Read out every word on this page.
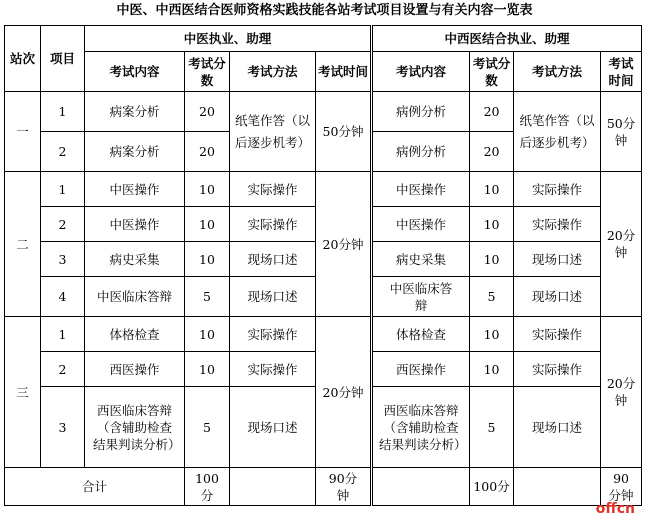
中医、中西医结合医师资格实践技能各站考试项目设置与有关内容一览表
站次	项目	中医执业、助理				中西医结合执业、助理			
		考试内容	考试分数	考试方法	考试时间	考试内容	考试分数	考试方法	考试时间
一	1	病案分析	20	纸笔作答（以后逐步机考）	50分钟	病例分析	20	纸笔作答（以后逐步机考）	50分钟
	2	病案分析	20			病例分析	20		
二	1	中医操作	10	实际操作	20分钟	中医操作	10	实际操作	20分钟
	2	中医操作	10	实际操作		中医操作	10	实际操作	
	3	病史采集	10	现场口述		病史采集	10	现场口述	
	4	中医临床答辩	5	现场口述		中医临床答辩	5	现场口述	
三	1	体格检查	10	实际操作	20分钟	体格检查	10	实际操作	20分钟
	2	西医操作	10	实际操作		西医操作	10	实际操作	
	3	西医临床答辩（含辅助检查结果判读分析）	5	现场口述		西医临床答辩（含辅助检查结果判读分析）	5	现场口述	
合计			100分		90分钟		100分		90分钟
offcn
